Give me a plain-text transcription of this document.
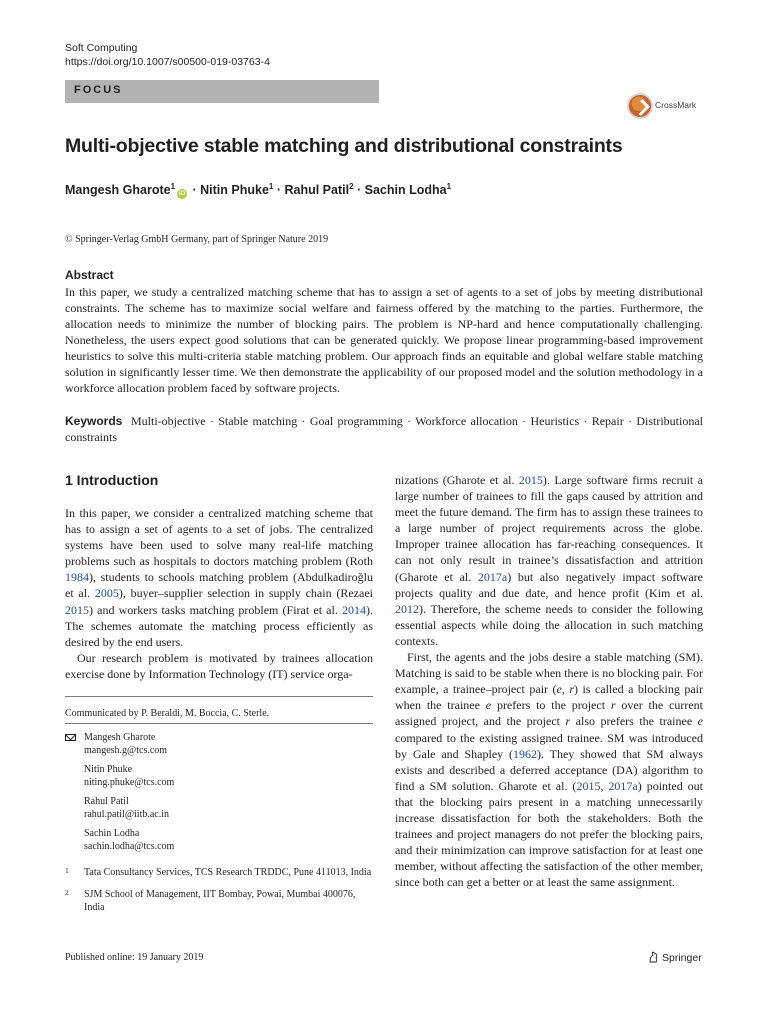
Soft Computing
https://doi.org/10.1007/s00500-019-03763-4
FOCUS
CrossMark
Multi-objective stable matching and distributional constraints
Mangesh Gharote$^1$iD · Nitin Phuke$^1$ · Rahul Patil$^2$ · Sachin Lodha$^1$
© Springer-Verlag GmbH Germany, part of Springer Nature 2019
Abstract
In this paper, we study a centralized matching scheme that has to assign a set of agents to a set of jobs by meeting distributional constraints. The scheme has to maximize social welfare and fairness offered by the matching to the parties. Furthermore, the allocation needs to minimize the number of blocking pairs. The problem is NP-hard and hence computationally challenging. Nonetheless, the users expect good solutions that can be generated quickly. We propose linear programming-based improvement heuristics to solve this multi-criteria stable matching problem. Our approach finds an equitable and global welfare stable matching solution in significantly lesser time. We then demonstrate the applicability of our proposed model and the solution methodology in a workforce allocation problem faced by software projects.
Keywords Multi-objective · Stable matching · Goal programming · Workforce allocation · Heuristics · Repair · Distributional constraints
1 Introduction

In this paper, we consider a centralized matching scheme that has to assign a set of agents to a set of jobs. The centralized systems have been used to solve many real-life matching problems such as hospitals to doctors matching problem (Roth 1984), students to schools matching problem (Abdulkadiroğlu et al. 2005), buyer–supplier selection in supply chain (Rezaei 2015) and workers tasks matching problem (Firat et al. 2014). The schemes automate the matching process efficiently as desired by the end users.

Our research problem is motivated by trainees allocation exercise done by Information Technology (IT) service orga-

nizations (Gharote et al. 2015). Large software firms recruit a large number of trainees to fill the gaps caused by attrition and meet the future demand. The firm has to assign these trainees to a large number of project requirements across the globe. Improper trainee allocation has far-reaching consequences. It can not only result in trainee’s dissatisfaction and attrition (Gharote et al. 2017a) but also negatively impact software projects quality and due date, and hence profit (Kim et al. 2012). Therefore, the scheme needs to consider the following essential aspects while doing the allocation in such matching contexts.

First, the agents and the jobs desire a stable matching (SM). Matching is said to be stable when there is no blocking pair. For example, a trainee–project pair (e, r) is called a blocking pair when the trainee e prefers to the project r over the current assigned project, and the project r also prefers the trainee e compared to the existing assigned trainee. SM was introduced by Gale and Shapley (1962). They showed that SM always exists and described a deferred acceptance (DA) algorithm to find a SM solution. Gharote et al. (2015, 2017a) pointed out that the blocking pairs present in a matching unnecessarily increase dissatisfaction for both the stakeholders. Both the trainees and project managers do not prefer the blocking pairs, and their minimization can improve satisfaction for at least one member, without affecting the satisfaction of the other member, since both can get a better or at least the same assignment.

Communicated by P. Beraldi, M. Boccia, C. Sterle.
Mangesh Gharote
mangesh.g@tcs.com
Nitin Phuke
niting.phuke@tcs.com
Rahul Patil
rahul.patil@iitb.ac.in
Sachin Lodha
sachin.lodha@tcs.com
1 Tata Consultancy Services, TCS Research TRDDC, Pune 411013, India
2 SJM School of Management, IIT Bombay, Powai, Mumbai 400076, India
Published online: 19 January 2019	Springer
